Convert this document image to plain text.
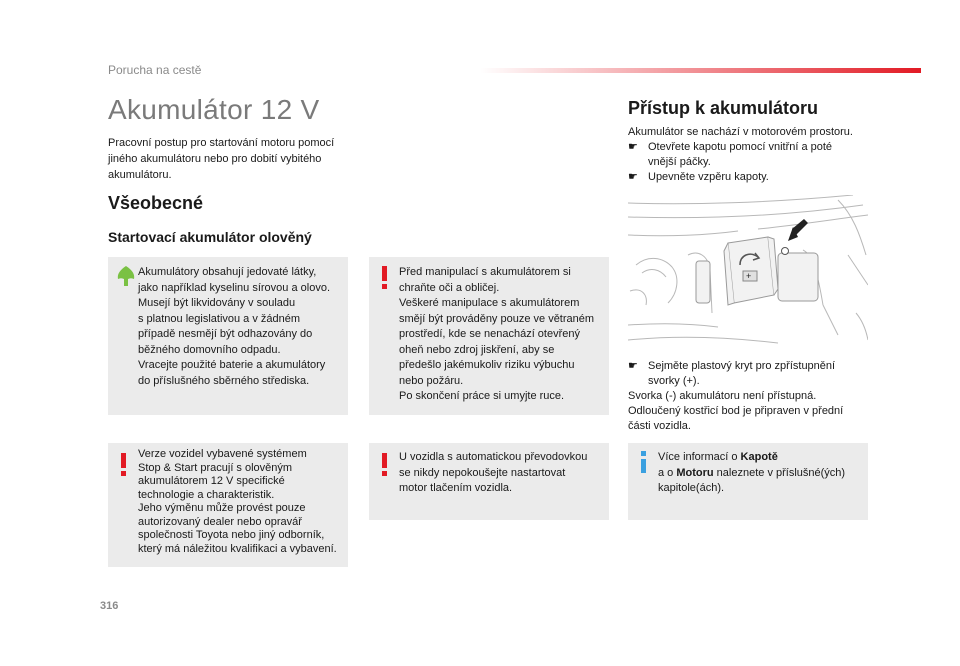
Porucha na cestě
Akumulátor 12 V
Pracovní postup pro startování motoru pomocí
jiného akumulátoru nebo pro dobití vybitého
akumulátoru.
Všeobecné
Startovací akumulátor olověný
Akumulátory obsahují jedovaté látky,
jako například kyselinu sírovou a olovo.
Musejí být likvidovány v souladu
s platnou legislativou a v žádném
případě nesmějí být odhazovány do
běžného domovního odpadu.
Vracejte použité baterie a akumulátory
do příslušného sběrného střediska.
Před manipulací s akumulátorem si
chraňte oči a obličej.
Veškeré manipulace s akumulátorem
smějí být prováděny pouze ve větraném
prostředí, kde se nenachází otevřený
oheň nebo zdroj jiskření, aby se
předešlo jakémukoliv riziku výbuchu
nebo požáru.
Po skončení práce si umyjte ruce.
Verze vozidel vybavené systémem
Stop & Start pracují s olověným
akumulátorem 12 V specifické
technologie a charakteristik.
Jeho výměnu může provést pouze
autorizovaný dealer nebo opravář
společnosti Toyota nebo jiný odborník,
který má náležitou kvalifikaci a vybavení.
U vozidla s automatickou převodovkou
se nikdy nepokoušejte nastartovat
motor tlačením vozidla.
Přístup k akumulátoru
Akumulátor se nachází v motorovém prostoru.
☛ Otevřete kapotu pomocí vnitřní a poté
vnější páčky.
☛ Upevněte vzpěru kapoty.
+
☛ Sejměte plastový kryt pro zpřístupnění
svorky (+).
Svorka (-) akumulátoru není přístupná.
Odloučený kostřicí bod je připraven v přední
části vozidla.
Více informací o Kapotě
a o Motoru naleznete v příslušné(ých)
kapitole(ách).
316
